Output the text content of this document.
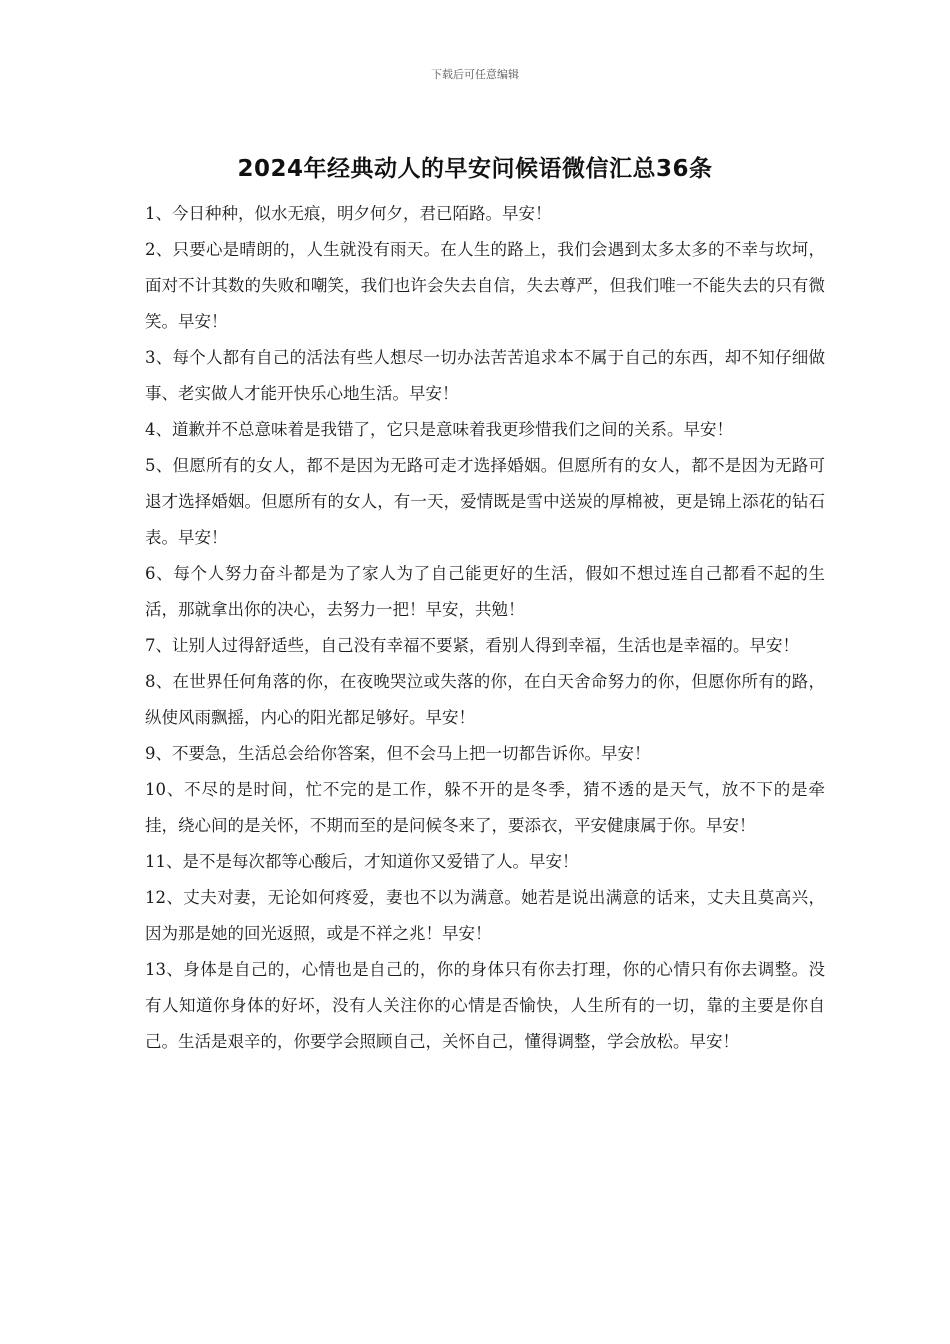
下载后可任意编辑
2024年经典动人的早安问候语微信汇总36条

1、今日种种，似水无痕，明夕何夕，君已陌路。早安！

2、只要心是晴朗的，人生就没有雨天。在人生的路上，我们会遇到太多太多的不幸与坎坷，面对不计其数的失败和嘲笑，我们也许会失去自信，失去尊严，但我们唯一不能失去的只有微笑。早安！

3、每个人都有自己的活法有些人想尽一切办法苦苦追求本不属于自己的东西，却不知仔细做事、老实做人才能开快乐心地生活。早安！

4、道歉并不总意味着是我错了，它只是意味着我更珍惜我们之间的关系。早安！

5、但愿所有的女人，都不是因为无路可走才选择婚姻。但愿所有的女人，都不是因为无路可退才选择婚姻。但愿所有的女人，有一天，爱情既是雪中送炭的厚棉被，更是锦上添花的钻石表。早安！

6、每个人努力奋斗都是为了家人为了自己能更好的生活，假如不想过连自己都看不起的生活，那就拿出你的决心，去努力一把！早安，共勉！

7、让别人过得舒适些，自己没有幸福不要紧，看别人得到幸福，生活也是幸福的。早安！

8、在世界任何角落的你，在夜晚哭泣或失落的你，在白天舍命努力的你，但愿你所有的路， 纵使风雨飘摇，内心的阳光都足够好。早安！

9、不要急，生活总会给你答案，但不会马上把一切都告诉你。早安！

10、不尽的是时间，忙不完的是工作，躲不开的是冬季，猜不透的是天气，放不下的是牵挂，绕心间的是关怀，不期而至的是问候冬来了，要添衣，平安健康属于你。早安！

11、是不是每次都等心酸后，才知道你又爱错了人。早安！

12、丈夫对妻，无论如何疼爱，妻也不以为满意。她若是说出满意的话来，丈夫且莫高兴，因为那是她的回光返照，或是不祥之兆！早安！

13、身体是自己的，心情也是自己的，你的身体只有你去打理，你的心情只有你去调整。没有人知道你身体的好坏，没有人关注你的心情是否愉快，人生所有的一切，靠的主要是你自己。生活是艰辛的，你要学会照顾自己，关怀自己，懂得调整，学会放松。早安！
